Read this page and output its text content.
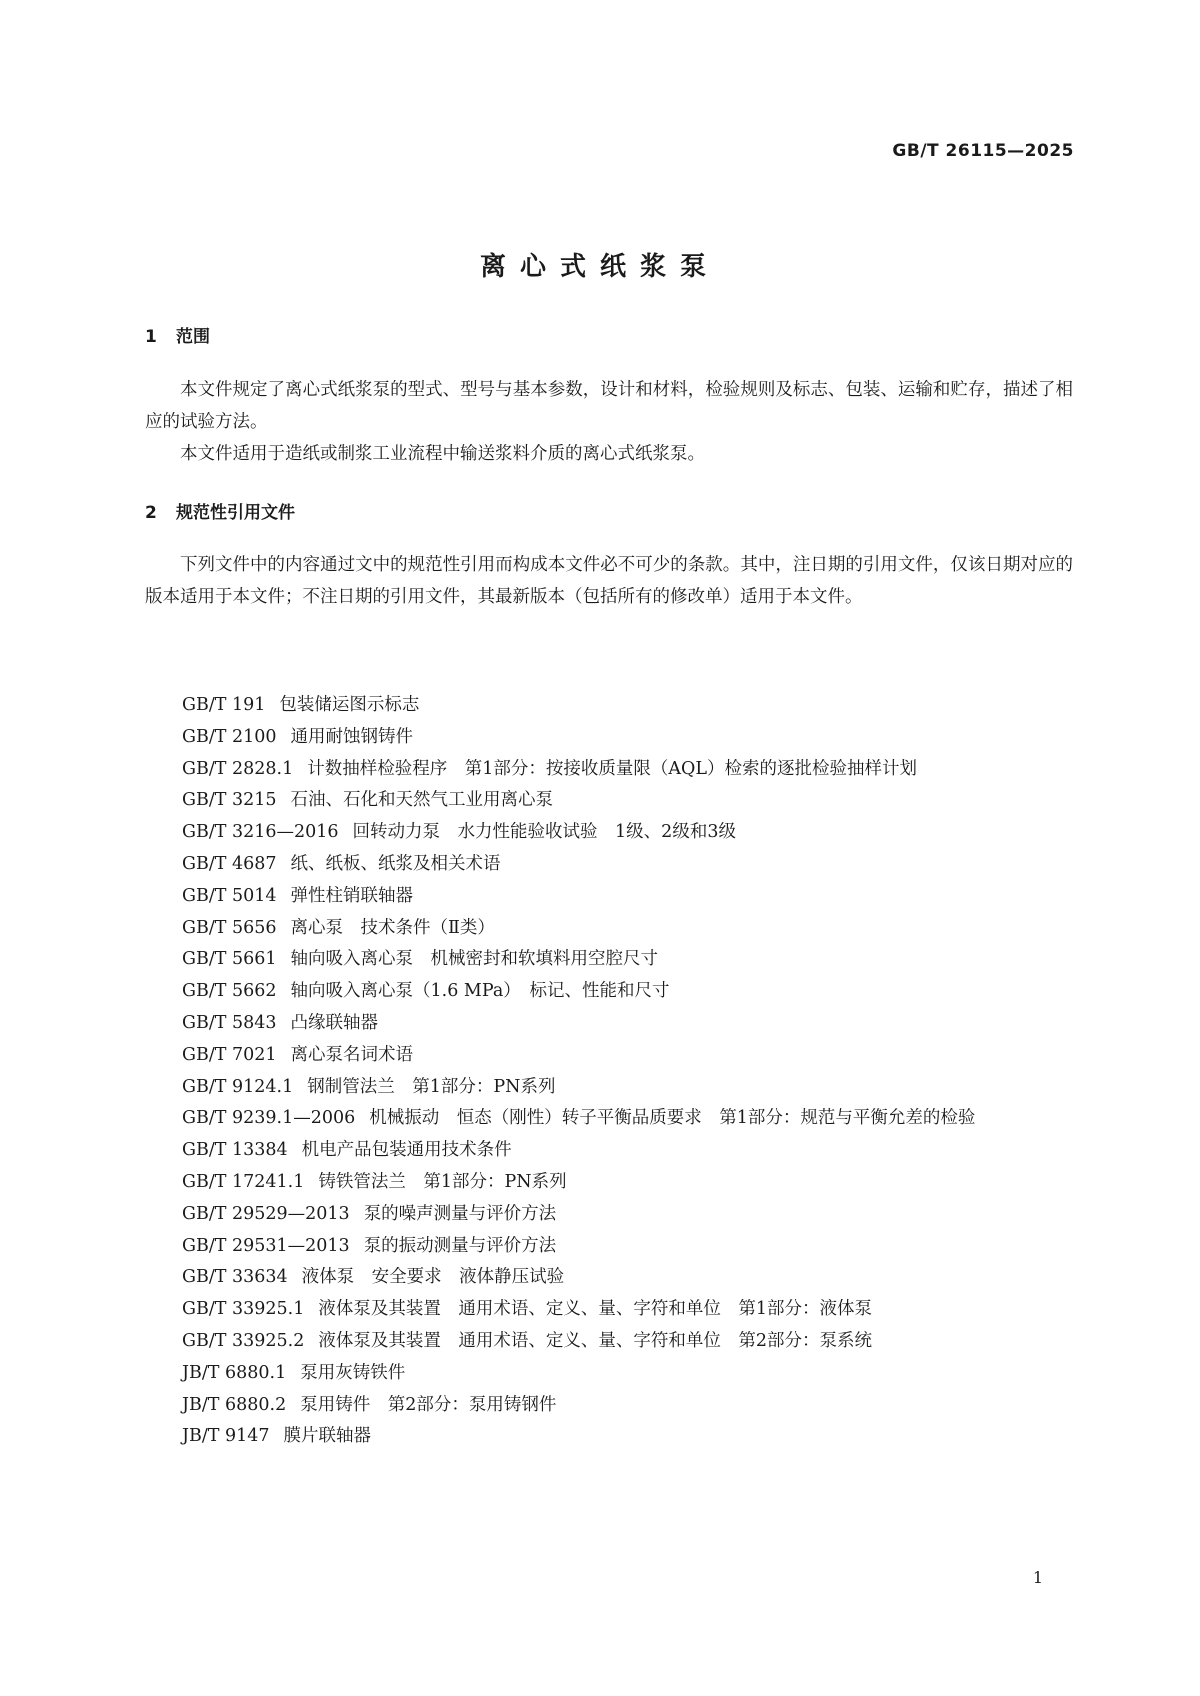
GB/T 26115—2025
离心式纸浆泵
1 范围

本文件规定了离心式纸浆泵的型式、型号与基本参数，设计和材料，检验规则及标志、包装、运输和贮存，描述了相应的试验方法。

本文件适用于造纸或制浆工业流程中输送浆料介质的离心式纸浆泵。

2 规范性引用文件

下列文件中的内容通过文中的规范性引用而构成本文件必不可少的条款。其中，注日期的引用文件，仅该日期对应的版本适用于本文件；不注日期的引用文件，其最新版本（包括所有的修改单）适用于本文件。

GB/T 191 包装储运图示标志
GB/T 2100 通用耐蚀钢铸件
GB/T 2828.1 计数抽样检验程序　第1部分：按接收质量限（AQL）检索的逐批检验抽样计划
GB/T 3215 石油、石化和天然气工业用离心泵
GB/T 3216—2016 回转动力泵　水力性能验收试验　1级、2级和3级
GB/T 4687 纸、纸板、纸浆及相关术语
GB/T 5014 弹性柱销联轴器
GB/T 5656 离心泵　技术条件（Ⅱ类）
GB/T 5661 轴向吸入离心泵　机械密封和软填料用空腔尺寸
GB/T 5662 轴向吸入离心泵（1.6 MPa）　标记、性能和尺寸
GB/T 5843 凸缘联轴器
GB/T 7021 离心泵名词术语
GB/T 9124.1 钢制管法兰　第1部分：PN系列
GB/T 9239.1—2006 机械振动　恒态（刚性）转子平衡品质要求　第1部分：规范与平衡允差的检验
GB/T 13384 机电产品包装通用技术条件
GB/T 17241.1 铸铁管法兰　第1部分：PN系列
GB/T 29529—2013 泵的噪声测量与评价方法
GB/T 29531—2013 泵的振动测量与评价方法
GB/T 33634 液体泵　安全要求　液体静压试验
GB/T 33925.1 液体泵及其装置　通用术语、定义、量、字符和单位　第1部分：液体泵
GB/T 33925.2 液体泵及其装置　通用术语、定义、量、字符和单位　第2部分：泵系统
JB/T 6880.1 泵用灰铸铁件
JB/T 6880.2 泵用铸件　第2部分：泵用铸钢件
JB/T 9147 膜片联轴器
1
